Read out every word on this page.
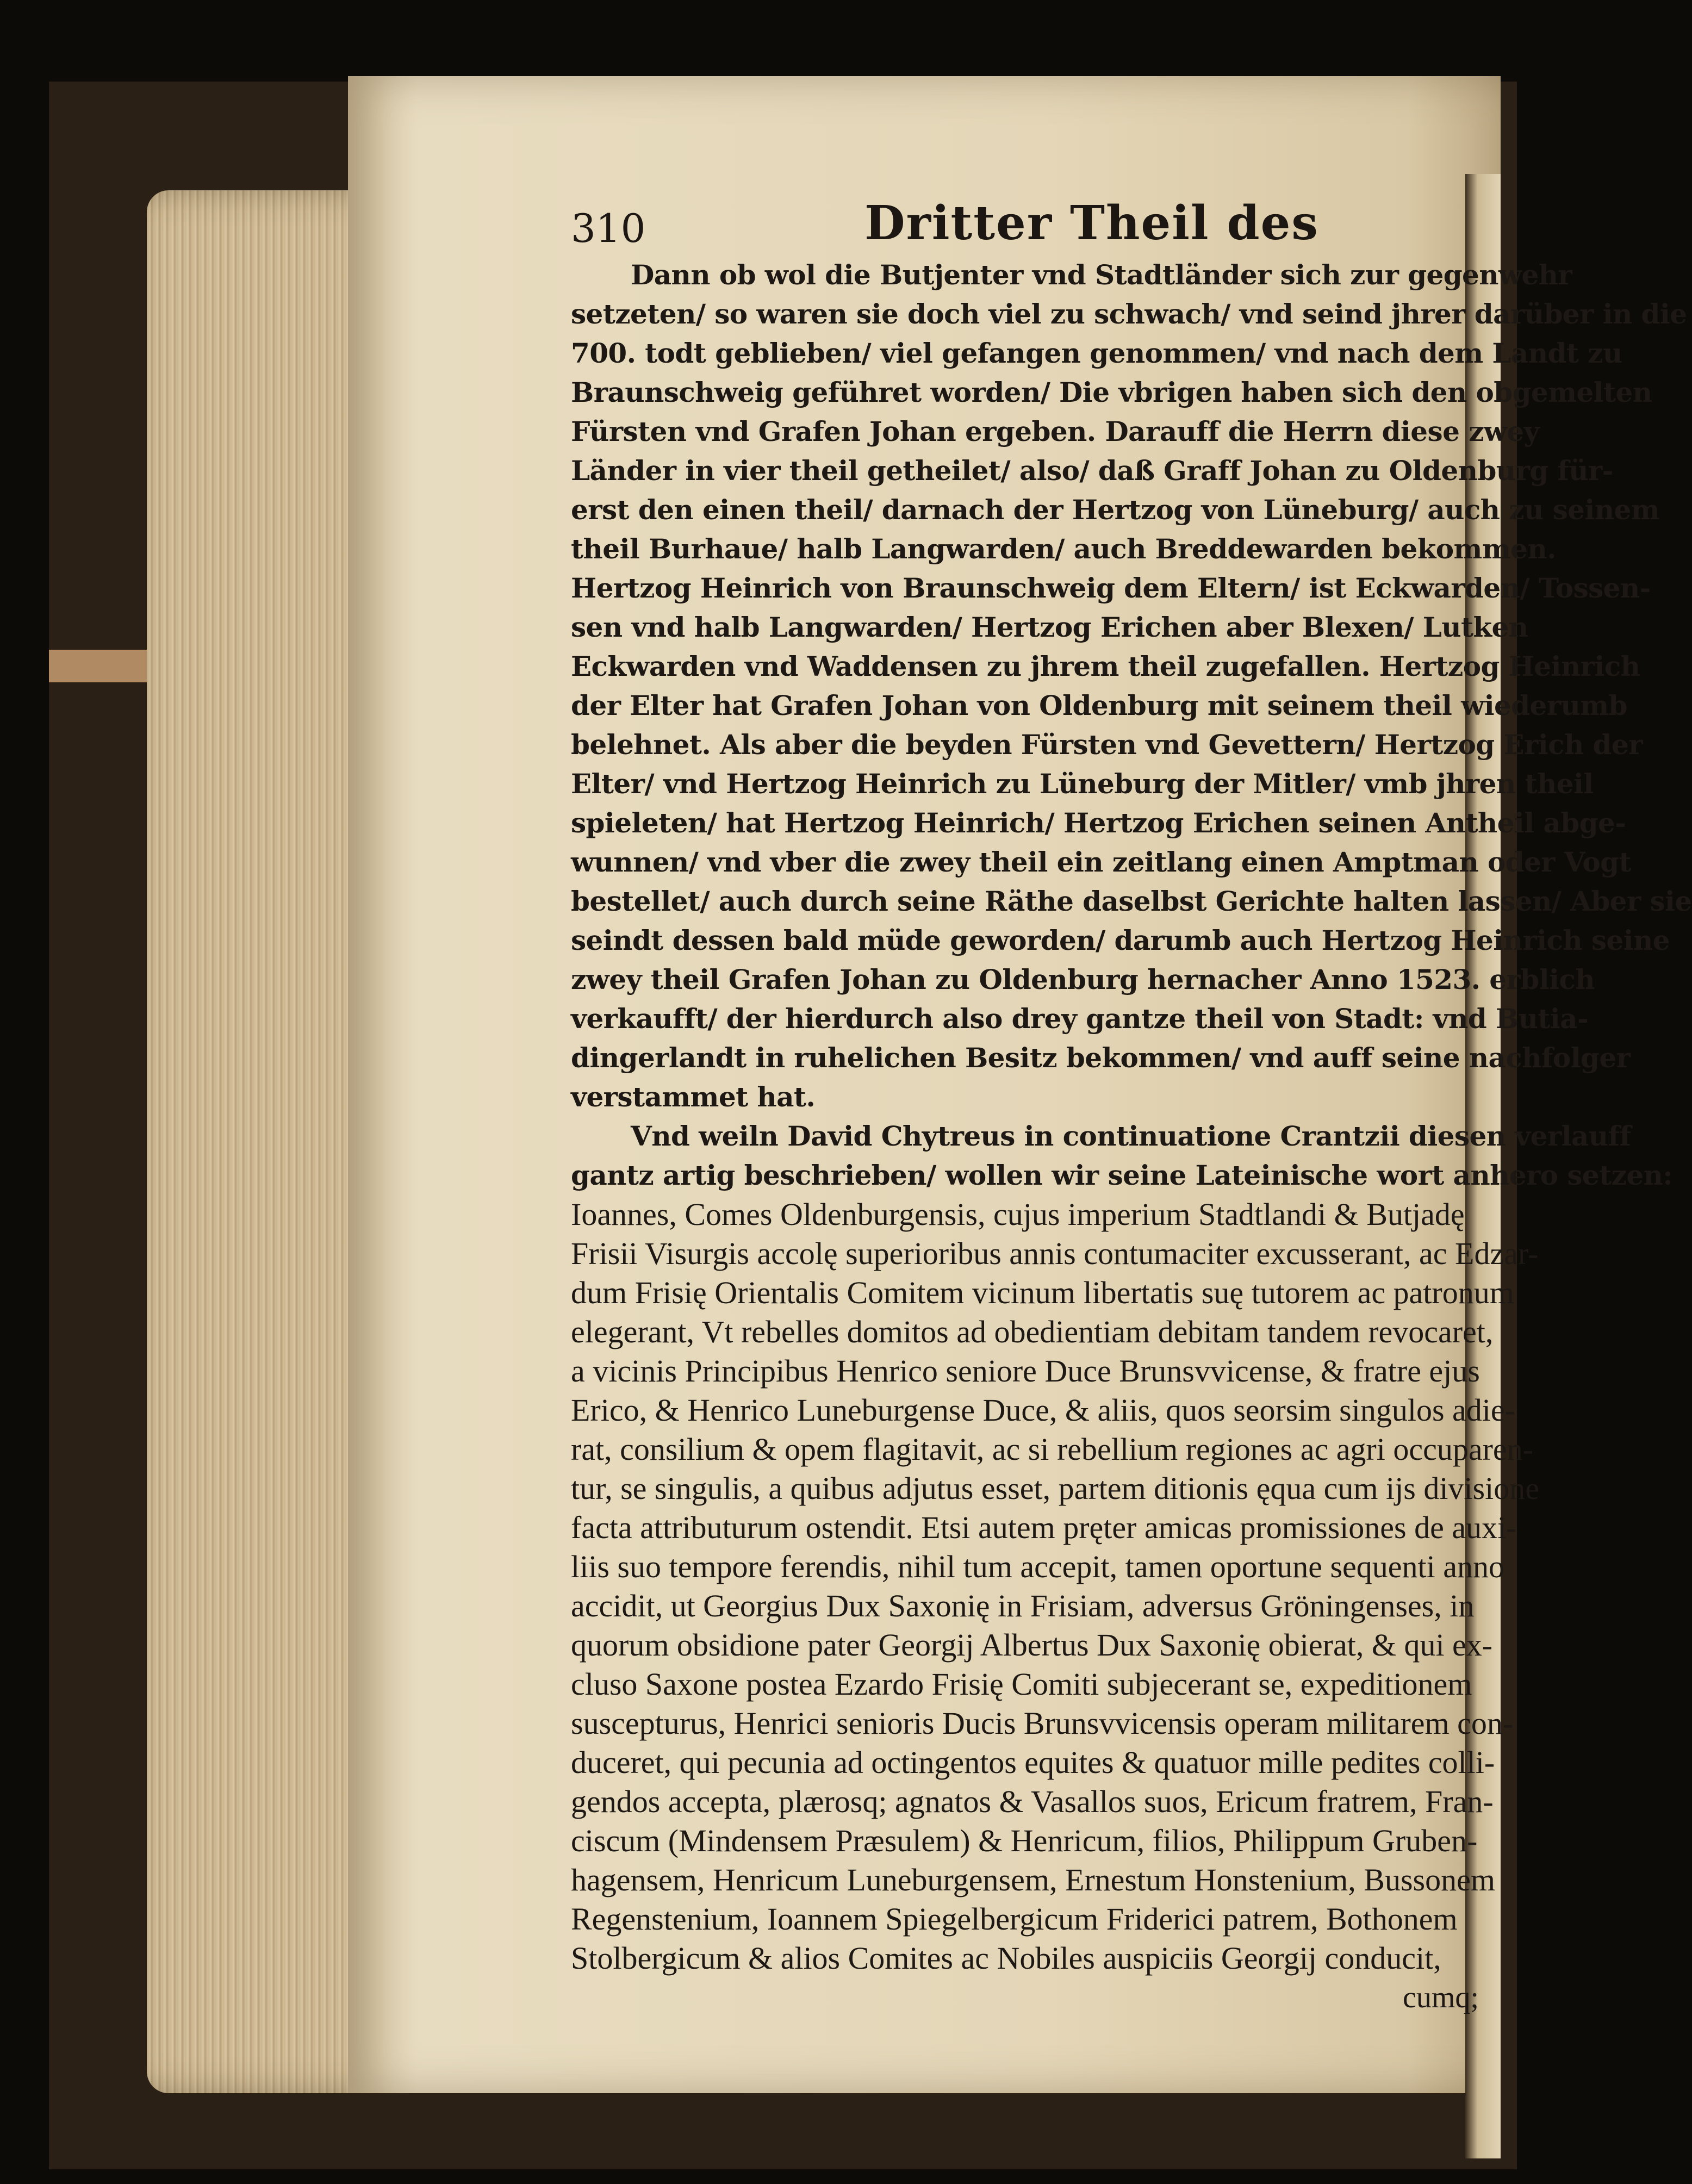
310	Dritter Theil des
Dann ob wol die Butjenter vnd Stadtländer sich zur gegenwehr
setzeten/ so waren sie doch viel zu schwach/ vnd seind jhrer darüber in die
700. todt geblieben/ viel gefangen genommen/ vnd nach dem Landt zu
Braunschweig geführet worden/ Die vbrigen haben sich den obgemelten
Fürsten vnd Grafen Johan ergeben. Darauff die Herrn diese zwey
Länder in vier theil getheilet/ also/ daß Graff Johan zu Oldenburg für-
erst den einen theil/ darnach der Hertzog von Lüneburg/ auch zu seinem
theil Burhaue/ halb Langwarden/ auch Breddewarden bekommen.
Hertzog Heinrich von Braunschweig dem Eltern/ ist Eckwarden/ Tossen-
sen vnd halb Langwarden/ Hertzog Erichen aber Blexen/ Lutken
Eckwarden vnd Waddensen zu jhrem theil zugefallen. Hertzog Heinrich
der Elter hat Grafen Johan von Oldenburg mit seinem theil wiederumb
belehnet. Als aber die beyden Fürsten vnd Gevettern/ Hertzog Erich der
Elter/ vnd Hertzog Heinrich zu Lüneburg der Mitler/ vmb jhren theil
spieleten/ hat Hertzog Heinrich/ Hertzog Erichen seinen Antheil abge-
wunnen/ vnd vber die zwey theil ein zeitlang einen Amptman oder Vogt
bestellet/ auch durch seine Räthe daselbst Gerichte halten lassen/ Aber sie
seindt dessen bald müde geworden/ darumb auch Hertzog Heinrich seine
zwey theil Grafen Johan zu Oldenburg hernacher Anno 1523. erblich
verkaufft/ der hierdurch also drey gantze theil von Stadt: vnd Butia-
dingerlandt in ruhelichen Besitz bekommen/ vnd auff seine nachfolger
verstammet hat.
Vnd weiln David Chytreus in continuatione Crantzii diesen verlauff
gantz artig beschrieben/ wollen wir seine Lateinische wort anhero setzen:
Ioannes, Comes Oldenburgensis, cujus imperium Stadtlandi & Butjadę
Frisii Visurgis accolę superioribus annis contumaciter excusserant, ac Edzar-
dum Frisię Orientalis Comitem vicinum libertatis suę tutorem ac patronum
elegerant, Vt rebelles domitos ad obedientiam debitam tandem revocaret,
a vicinis Principibus Henrico seniore Duce Brunsvvicense, & fratre ejus
Erico, & Henrico Luneburgense Duce, & aliis, quos seorsim singulos adie-
rat, consilium & opem flagitavit, ac si rebellium regiones ac agri occuparen-
tur, se singulis, a quibus adjutus esset, partem ditionis ęqua cum ijs divisione
facta attributurum ostendit. Etsi autem pręter amicas promissiones de auxi-
liis suo tempore ferendis, nihil tum accepit, tamen oportune sequenti anno
accidit, ut Georgius Dux Saxonię in Frisiam, adversus Gröningenses, in
quorum obsidione pater Georgij Albertus Dux Saxonię obierat, & qui ex-
cluso Saxone postea Ezardo Frisię Comiti subjecerant se, expeditionem
suscepturus, Henrici senioris Ducis Brunsvvicensis operam militarem con-
duceret, qui pecunia ad octingentos equites & quatuor mille pedites colli-
gendos accepta, plærosq; agnatos & Vasallos suos, Ericum fratrem, Fran-
ciscum (Mindensem Præsulem) & Henricum, filios, Philippum Gruben-
hagensem, Henricum Luneburgensem, Ernestum Honstenium, Bussonem
Regenstenium, Ioannem Spiegelbergicum Friderici patrem, Bothonem
Stolbergicum & alios Comites ac Nobiles auspiciis Georgij conducit,
cumq;
